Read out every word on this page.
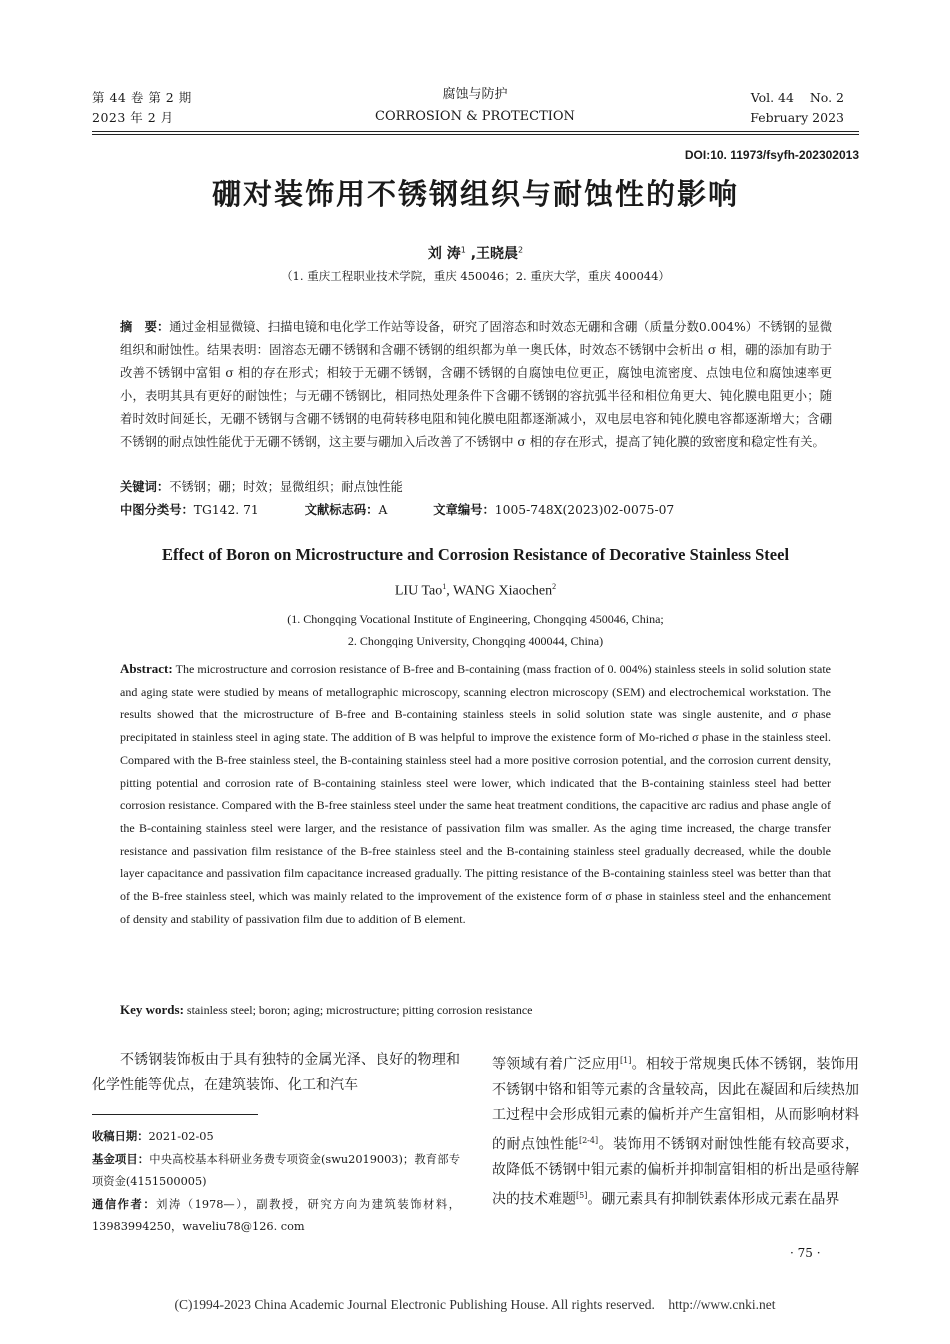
第 44 卷 第 2 期
2023 年 2 月
腐蚀与防护
CORROSION & PROTECTION
Vol. 44    No. 2
February 2023
DOI:10. 11973/fsyfh-202302013
硼对装饰用不锈钢组织与耐蚀性的影响
刘 涛$^1$ ,王晓晨$^2$
（1. 重庆工程职业技术学院，重庆 450046；2. 重庆大学，重庆 400044）
摘　要：通过金相显微镜、扫描电镜和电化学工作站等设备，研究了固溶态和时效态无硼和含硼（质量分数0.004%）不锈钢的显微组织和耐蚀性。结果表明：固溶态无硼不锈钢和含硼不锈钢的组织都为单一奥氏体，时效态不锈钢中会析出 σ 相，硼的添加有助于改善不锈钢中富钼 σ 相的存在形式；相较于无硼不锈钢，含硼不锈钢的自腐蚀电位更正，腐蚀电流密度、点蚀电位和腐蚀速率更小，表明其具有更好的耐蚀性；与无硼不锈钢比，相同热处理条件下含硼不锈钢的容抗弧半径和相位角更大、钝化膜电阻更小；随着时效时间延长，无硼不锈钢与含硼不锈钢的电荷转移电阻和钝化膜电阻都逐渐减小，双电层电容和钝化膜电容都逐渐增大；含硼不锈钢的耐点蚀性能优于无硼不锈钢，这主要与硼加入后改善了不锈钢中 σ 相的存在形式，提高了钝化膜的致密度和稳定性有关。
关键词：不锈钢；硼；时效；显微组织；耐点蚀性能
中图分类号：TG142. 71	文献标志码：A	文章编号：1005-748X(2023)02-0075-07
Effect of Boron on Microstructure and Corrosion Resistance of Decorative Stainless Steel
LIU Tao$^1$, WANG Xiaochen$^2$
(1. Chongqing Vocational Institute of Engineering, Chongqing 450046, China;
2. Chongqing University, Chongqing 400044, China)
Abstract: The microstructure and corrosion resistance of B-free and B-containing (mass fraction of 0. 004%) stainless steels in solid solution state and aging state were studied by means of metallographic microscopy, scanning electron microscopy (SEM) and electrochemical workstation. The results showed that the microstructure of B-free and B-containing stainless steels in solid solution state was single austenite, and σ phase precipitated in stainless steel in aging state. The addition of B was helpful to improve the existence form of Mo-riched σ phase in the stainless steel. Compared with the B-free stainless steel, the B-containing stainless steel had a more positive corrosion potential, and the corrosion current density, pitting potential and corrosion rate of B-containing stainless steel were lower, which indicated that the B-containing stainless steel had better corrosion resistance. Compared with the B-free stainless steel under the same heat treatment conditions, the capacitive arc radius and phase angle of the B-containing stainless steel were larger, and the resistance of passivation film was smaller. As the aging time increased, the charge transfer resistance and passivation film resistance of the B-free stainless steel and the B-containing stainless steel gradually decreased, while the double layer capacitance and passivation film capacitance increased gradually. The pitting resistance of the B-containing stainless steel was better than that of the B-free stainless steel, which was mainly related to the improvement of the existence form of σ phase in stainless steel and the enhancement of density and stability of passivation film due to addition of B element.
Key words: stainless steel; boron; aging; microstructure; pitting corrosion resistance
不锈钢装饰板由于具有独特的金属光泽、良好的物理和化学性能等优点，在建筑装饰、化工和汽车
收稿日期：2021-02-05
基金项目：中央高校基本科研业务费专项资金(swu2019003)；教育部专项资金(4151500005)
通信作者：刘涛（1978—），副教授，研究方向为建筑装饰材料，13983994250，waveliu78@126. com
等领域有着广泛应用[1]。相较于常规奥氏体不锈钢，装饰用不锈钢中铬和钼等元素的含量较高，因此在凝固和后续热加工过程中会形成钼元素的偏析并产生富钼相，从而影响材料的耐点蚀性能[2-4]。装饰用不锈钢对耐蚀性能有较高要求，故降低不锈钢中钼元素的偏析并抑制富钼相的析出是亟待解决的技术难题[5]。硼元素具有抑制铁素体形成元素在晶界
· 75 ·
(C)1994-2023 China Academic Journal Electronic Publishing House. All rights reserved.    http://www.cnki.net
